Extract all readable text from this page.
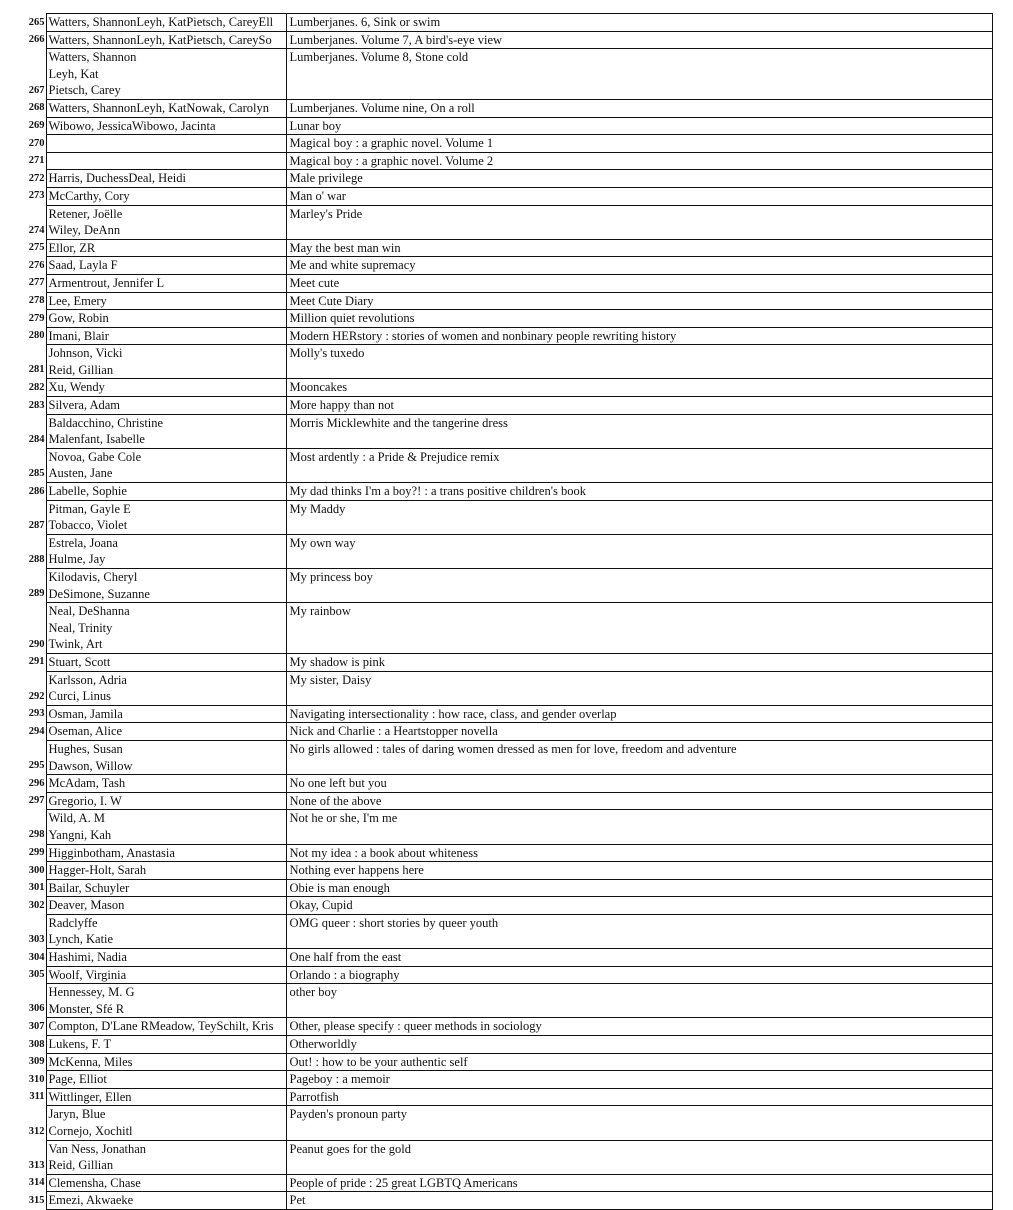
265	Watters, ShannonLeyh, KatPietsch, CareyEll	Lumberjanes. 6, Sink or swim
266	Watters, ShannonLeyh, KatPietsch, CareySo	Lumberjanes. Volume 7, A bird's-eye view
267	Watters, Shannon
Leyh, Kat
Pietsch, Carey	Lumberjanes. Volume 8, Stone cold
268	Watters, ShannonLeyh, KatNowak, Carolyn	Lumberjanes. Volume nine, On a roll
269	Wibowo, JessicaWibowo, Jacinta	Lunar boy
270		Magical boy : a graphic novel. Volume 1
271		Magical boy : a graphic novel. Volume 2
272	Harris, DuchessDeal, Heidi	Male privilege
273	McCarthy, Cory	Man o' war
274	Retener, Joëlle
Wiley, DeAnn	Marley's Pride
275	Ellor, ZR	May the best man win
276	Saad, Layla F	Me and white supremacy
277	Armentrout, Jennifer L	Meet cute
278	Lee, Emery	Meet Cute Diary
279	Gow, Robin	Million quiet revolutions
280	Imani, Blair	Modern HERstory : stories of women and nonbinary people rewriting history
281	Johnson, Vicki
Reid, Gillian	Molly's tuxedo
282	Xu, Wendy	Mooncakes
283	Silvera, Adam	More happy than not
284	Baldacchino, Christine
Malenfant, Isabelle	Morris Micklewhite and the tangerine dress
285	Novoa, Gabe Cole
Austen, Jane	Most ardently : a Pride & Prejudice remix
286	Labelle, Sophie	My dad thinks I'm a boy?! : a trans positive children's book
287	Pitman, Gayle E
Tobacco, Violet	My Maddy
288	Estrela, Joana
Hulme, Jay	My own way
289	Kilodavis, Cheryl
DeSimone, Suzanne	My princess boy
290	Neal, DeShanna
Neal, Trinity
Twink, Art	My rainbow
291	Stuart, Scott	My shadow is pink
292	Karlsson, Adria
Curci, Linus	My sister, Daisy
293	Osman, Jamila	Navigating intersectionality : how race, class, and gender overlap
294	Oseman, Alice	Nick and Charlie : a Heartstopper novella
295	Hughes, Susan
Dawson, Willow	No girls allowed : tales of daring women dressed as men for love, freedom and adventure
296	McAdam, Tash	No one left but you
297	Gregorio, I. W	None of the above
298	Wild, A. M
Yangni, Kah	Not he or she, I'm me
299	Higginbotham, Anastasia	Not my idea : a book about whiteness
300	Hagger-Holt, Sarah	Nothing ever happens here
301	Bailar, Schuyler	Obie is man enough
302	Deaver, Mason	Okay, Cupid
303	Radclyffe
Lynch, Katie	OMG queer : short stories by queer youth
304	Hashimi, Nadia	One half from the east
305	Woolf, Virginia	Orlando : a biography
306	Hennessey, M. G
Monster, Sfé R	other boy
307	Compton, D'Lane RMeadow, TeySchilt, Kris	Other, please specify : queer methods in sociology
308	Lukens, F. T	Otherworldly
309	McKenna, Miles	Out! : how to be your authentic self
310	Page, Elliot	Pageboy : a memoir
311	Wittlinger, Ellen	Parrotfish
312	Jaryn, Blue
Cornejo, Xochitl	Payden's pronoun party
313	Van Ness, Jonathan
Reid, Gillian	Peanut goes for the gold
314	Clemensha, Chase	People of pride : 25 great LGBTQ Americans
315	Emezi, Akwaeke	Pet
